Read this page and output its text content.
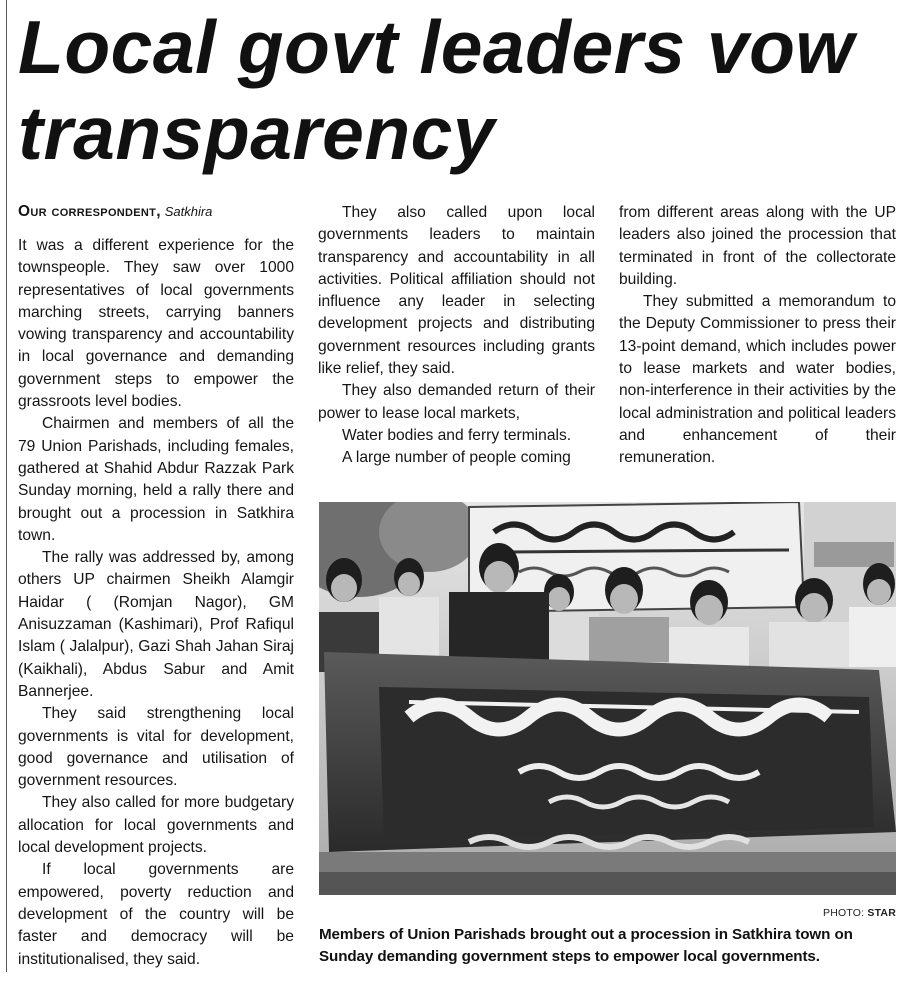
Local govt leaders vow transparency
Our correspondent, Satkhira

It was a different experience for the townspeople. They saw over 1000 representatives of local governments marching streets, carrying banners vowing transparency and accountability in local governance and demanding government steps to empower the grassroots level bodies.

Chairmen and members of all the 79 Union Parishads, including females, gathered at Shahid Abdur Razzak Park Sunday morning, held a rally there and brought out a procession in Satkhira town.

The rally was addressed by, among others UP chairmen Sheikh Alamgir Haidar ( (Romjan Nagor), GM Anisuzzaman (Kashimari), Prof Rafiqul Islam ( Jalalpur), Gazi Shah Jahan Siraj (Kaikhali), Abdus Sabur and Amit Bannerjee.

They said strengthening local governments is vital for development, good governance and utilisation of government resources.

They also called for more budgetary allocation for local governments and local development projects.

If local governments are empowered, poverty reduction and development of the country will be faster and democracy will be institutionalised, they said.

They also called upon local governments leaders to maintain transparency and accountability in all activities. Political affiliation should not influence any leader in selecting development projects and distributing government resources including grants like relief, they said.

They also demanded return of their power to lease local markets,

Water bodies and ferry terminals.

A large number of people coming

from different areas along with the UP leaders also joined the procession that terminated in front of the collectorate building.

They submitted a memorandum to the Deputy Commissioner to press their 13-point demand, which includes power to lease markets and water bodies, non-interference in their activities by the local administration and political leaders and enhancement of their remuneration.

PHOTO: STAR
Members of Union Parishads brought out a procession in Satkhira town on Sunday demanding government steps to empower local governments.
